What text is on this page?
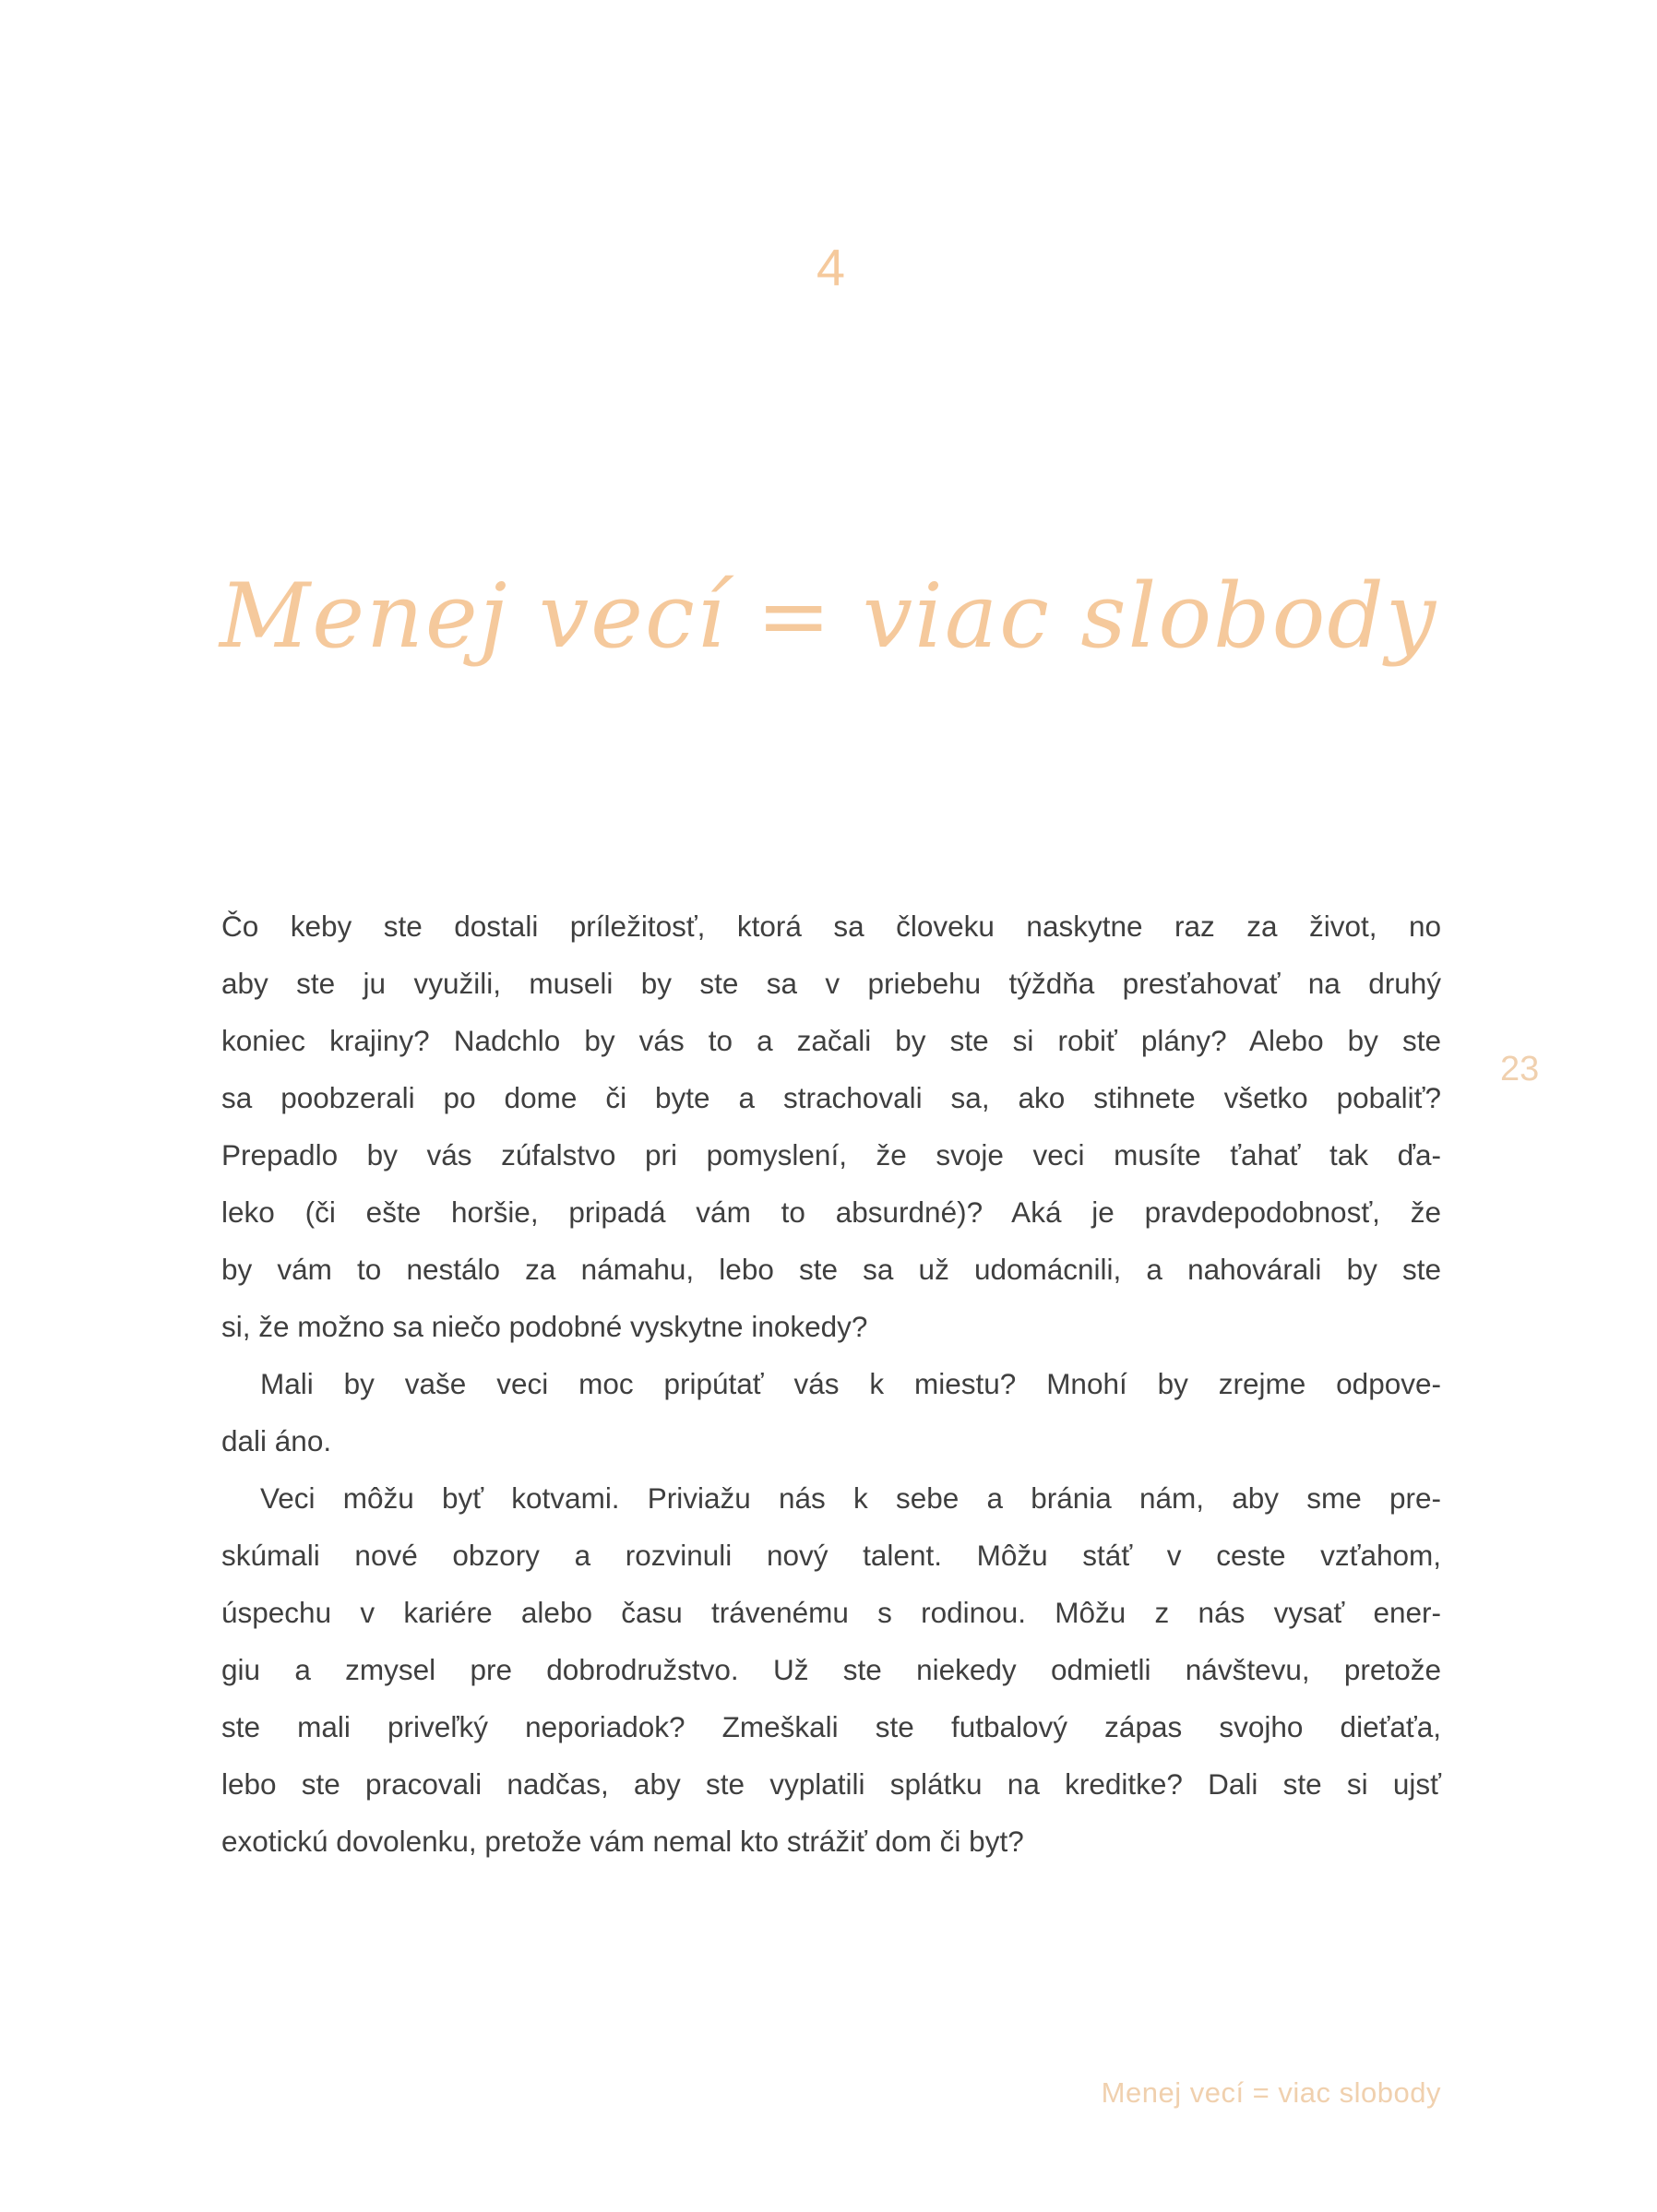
4
Menej vecí = viac slobody
Čo keby ste dostali príležitosť, ktorá sa človeku naskytne raz za život, no
aby ste ju využili, museli by ste sa v priebehu týždňa presťahovať na druhý
koniec krajiny? Nadchlo by vás to a začali by ste si robiť plány? Alebo by ste
sa poobzerali po dome či byte a strachovali sa, ako stihnete všetko pobaliť?
Prepadlo by vás zúfalstvo pri pomyslení, že svoje veci musíte ťahať tak ďa-
leko (či ešte horšie, pripadá vám to absurdné)? Aká je pravdepodobnosť, že
by vám to nestálo za námahu, lebo ste sa už udomácnili, a nahovárali by ste
si, že možno sa niečo podobné vyskytne inokedy?
Mali by vaše veci moc pripútať vás k miestu? Mnohí by zrejme odpove-
dali áno.
Veci môžu byť kotvami. Priviažu nás k sebe a bránia nám, aby sme pre-
skúmali nové obzory a rozvinuli nový talent. Môžu stáť v ceste vzťahom,
úspechu v kariére alebo času trávenému s rodinou. Môžu z nás vysať ener-
giu a zmysel pre dobrodružstvo. Už ste niekedy odmietli návštevu, pretože
ste mali priveľký neporiadok? Zmeškali ste futbalový zápas svojho dieťaťa,
lebo ste pracovali nadčas, aby ste vyplatili splátku na kreditke? Dali ste si ujsť
exotickú dovolenku, pretože vám nemal kto strážiť dom či byt?
23
Menej vecí = viac slobody
